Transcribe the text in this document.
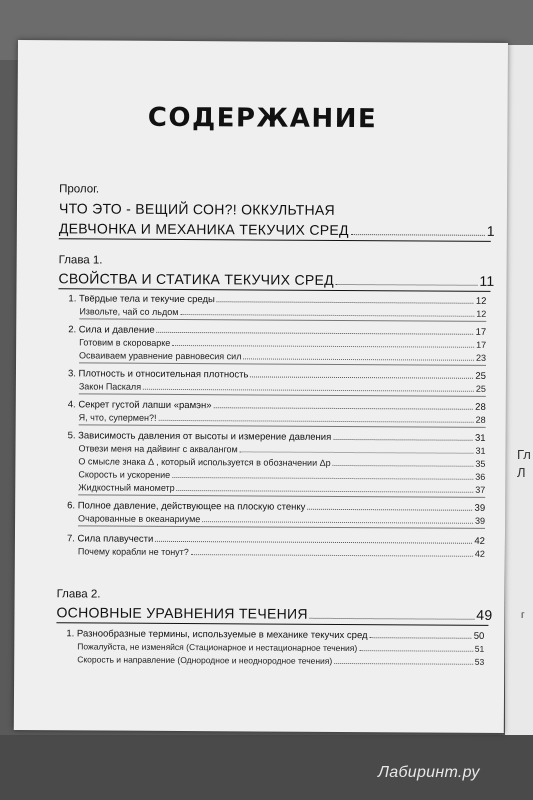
Гл
Л
г
СОДЕРЖАНИЕ
Пролог.
ЧТО ЭТО - ВЕЩИЙ СОН?! ОККУЛЬТНАЯ
ДЕВЧОНКА И МЕХАНИКА ТЕКУЧИХ СРЕД	1
Глава 1.
СВОЙСТВА И СТАТИКА ТЕКУЧИХ СРЕД	11
1. Твёрдые тела и текучие среды	12
Извольте, чай со льдом	12
2. Сила и давление	17
Готовим в скороварке	17
Осваиваем уравнение равновесия сил	23
3. Плотность и относительная плотность	25
Закон Паскаля	25
4. Секрет густой лапши «рамэн»	28
Я, что, супермен?!	28
5. Зависимость давления от высоты и измерение давления	31
Отвези меня на дайвинг с аквалангом	31
О смысле знака Δ , который используется в обозначении Δp	35
Скорость и ускорение	36
Жидкостный манометр	37
6. Полное давление, действующее на плоскую стенку	39
Очарованные в океанариуме	39
7. Сила плавучести	42
Почему корабли не тонут?	42
Глава 2.
ОСНОВНЫЕ УРАВНЕНИЯ ТЕЧЕНИЯ	49
1. Разнообразные термины, используемые в механике текучих сред	50
Пожалуйста, не изменяйся (Стационарное и нестационарное течения)	51
Скорость и направление (Однородное и неоднородное течения)	53
Лабиринт.ру
